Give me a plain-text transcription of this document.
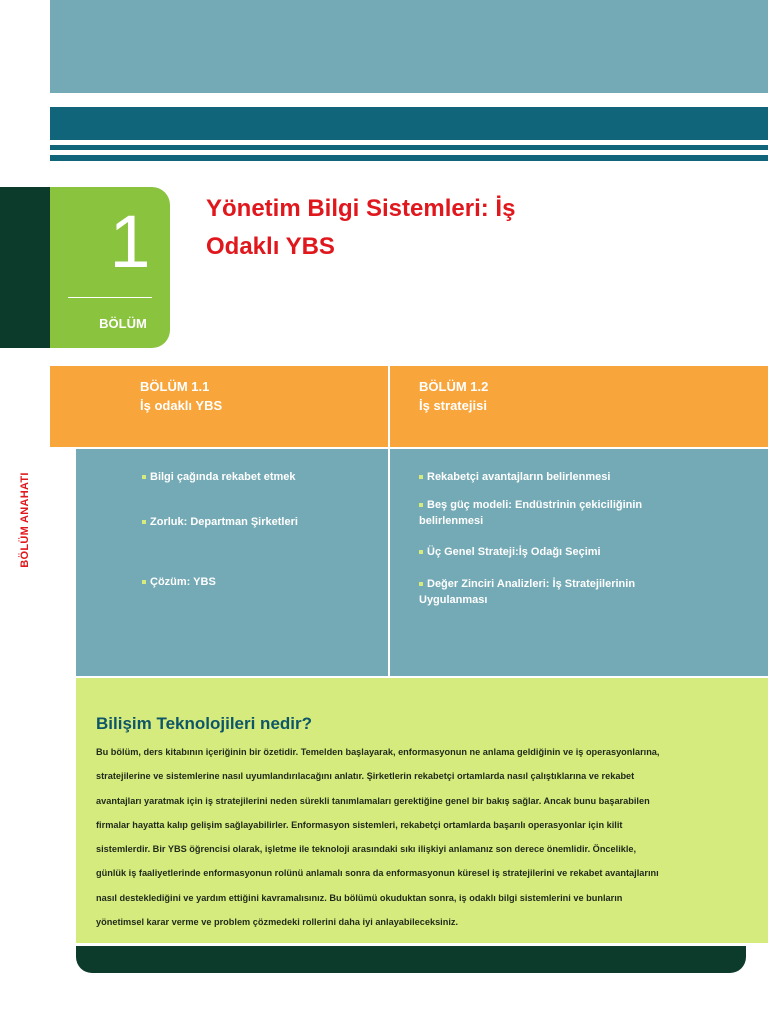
1
BÖLÜM
Yönetim Bilgi Sistemleri: İş Odaklı YBS
BÖLÜM ANAHATI
BÖLÜM 1.1
İş odaklı YBS
BÖLÜM 1.2
İş stratejisi
Bilgi çağında rekabet etmek
Zorluk: Departman Şirketleri
Çözüm: YBS
Rekabetçi avantajların belirlenmesi
Beş güç modeli: Endüstrinin çekiciliğinin belirlenmesi
Üç Genel Strateji:İş Odağı Seçimi
Değer Zinciri Analizleri: İş Stratejilerinin Uygulanması
Bilişim Teknolojileri nedir?
Bu bölüm, ders kitabının içeriğinin bir özetidir. Temelden başlayarak, enformasyonun ne anlama geldiğinin ve iş operasyonlarına, stratejilerine ve sistemlerine nasıl uyumlandırılacağını anlatır. Şirketlerin rekabetçi ortamlarda nasıl çalıştıklarına ve rekabet avantajları yaratmak için iş stratejilerini neden sürekli tanımlamaları gerektiğine genel bir bakış sağlar. Ancak bunu başarabilen firmalar hayatta kalıp gelişim sağlayabilirler. Enformasyon sistemleri, rekabetçi ortamlarda başarılı operasyonlar için kilit sistemlerdir. Bir YBS öğrencisi olarak, işletme ile teknoloji arasındaki sıkı ilişkiyi anlamanız son derece önemlidir. Öncelikle, günlük iş faaliyetlerinde enformasyonun rolünü anlamalı sonra da enformasyonun küresel iş stratejilerini ve rekabet avantajlarını nasıl desteklediğini ve yardım ettiğini kavramalısınız. Bu bölümü okuduktan sonra, iş odaklı bilgi sistemlerini ve bunların yönetimsel karar verme ve problem çözmedeki rollerini daha iyi anlayabileceksiniz.
